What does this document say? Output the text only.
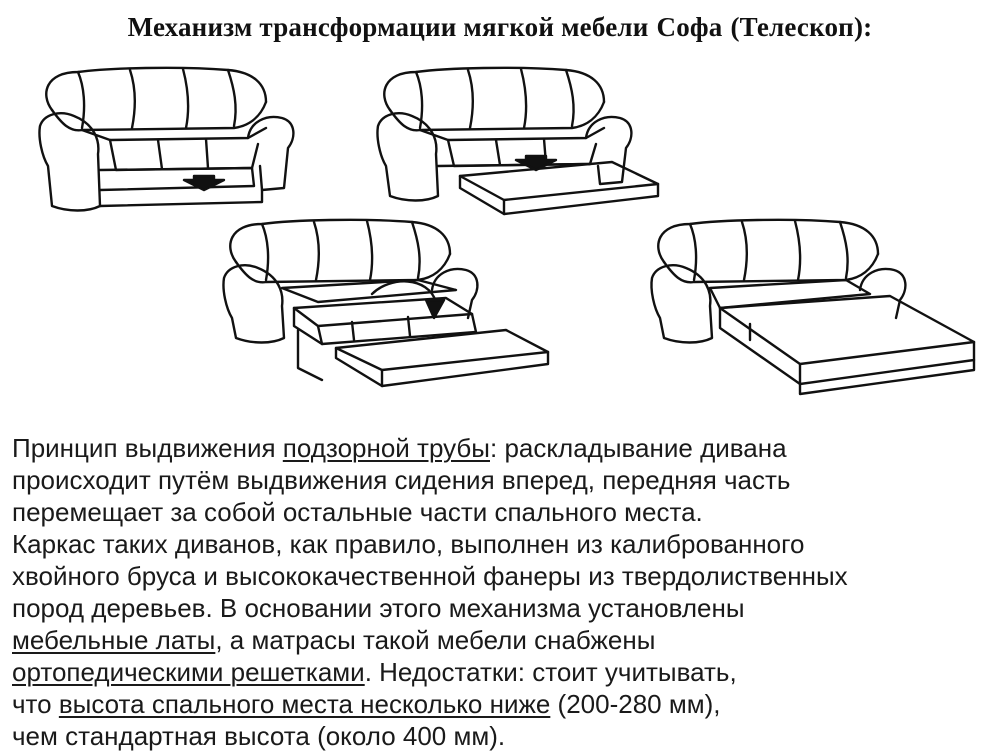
Механизм трансформации мягкой мебели Софа (Телескоп):
Принцип выдвижения подзорной трубы: раскладывание дивана
происходит путём выдвижения сидения вперед, передняя часть
перемещает за собой остальные части спального места.
Каркас таких диванов, как правило, выполнен из калиброванного
хвойного бруса и высококачественной фанеры из твердолиственных
пород деревьев. В основании этого механизма установлены
мебельные латы, а матрасы такой мебели снабжены
ортопедическими решетками. Недостатки: стоит учитывать,
что высота спального места несколько ниже (200-280 мм),
чем стандартная высота (около 400 мм).
